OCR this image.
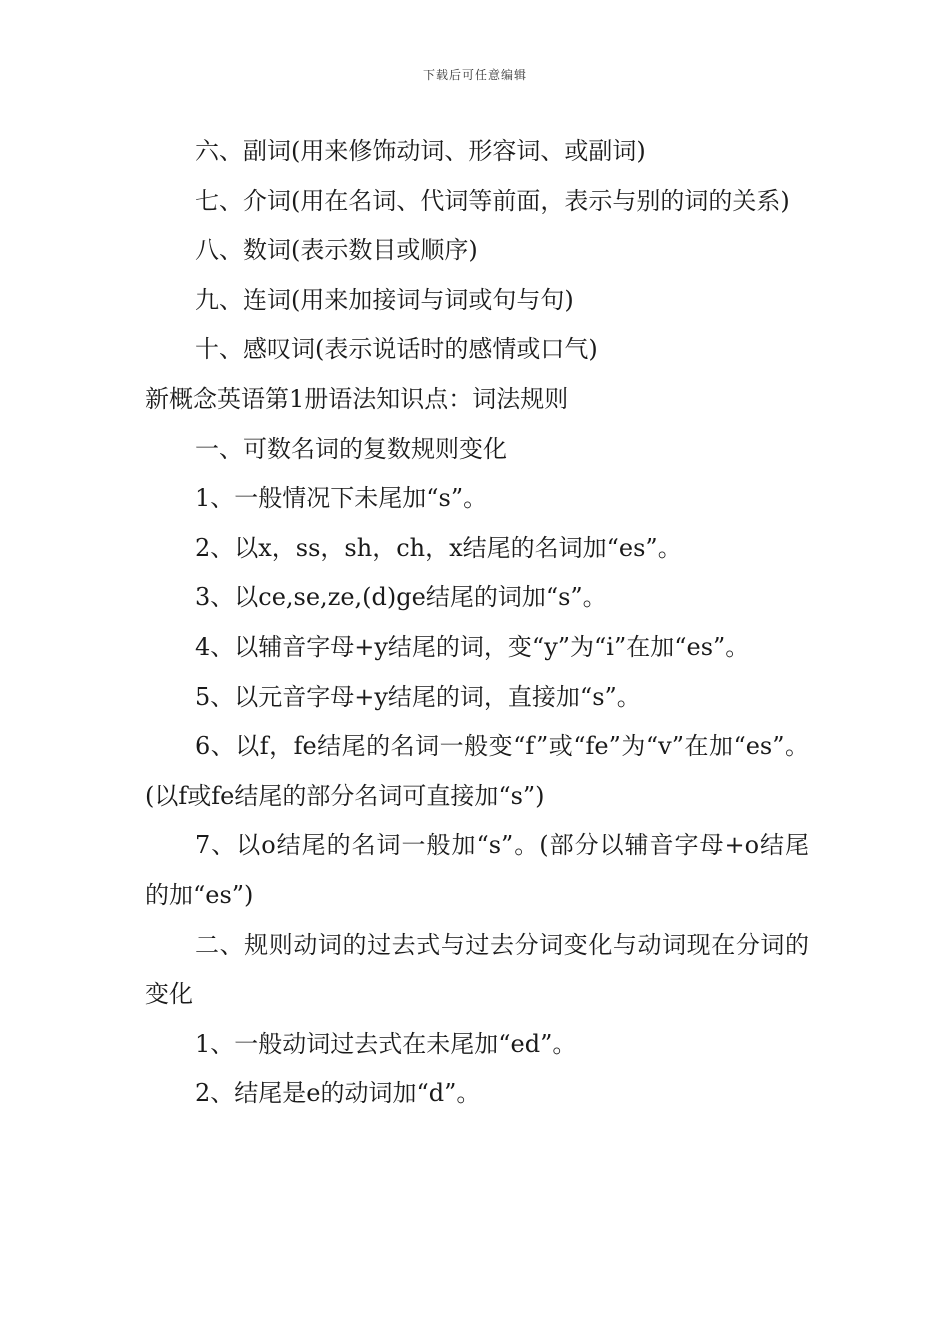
下载后可任意编辑

六、副词(用来修饰动词、形容词、或副词)

七、介词(用在名词、代词等前面，表示与别的词的关系)

八、数词(表示数目或顺序)

九、连词(用来加接词与词或句与句)

十、感叹词(表示说话时的感情或口气)

新概念英语第1册语法知识点：词法规则

一、可数名词的复数规则变化

1、一般情况下未尾加“s”。

2、以x，ss，sh，ch，x结尾的名词加“es”。

3、以ce,se,ze,(d)ge结尾的词加“s”。

4、以辅音字母+y结尾的词，变“y”为“i”在加“es”。

5、以元音字母+y结尾的词，直接加“s”。

6、以f，fe结尾的名词一般变“f”或“fe”为“v”在加“es”。(以f或fe结尾的部分名词可直接加“s”)

7、以o结尾的名词一般加“s”。(部分以辅音字母+o结尾的加“es”)

二、规则动词的过去式与过去分词变化与动词现在分词的变化

1、一般动词过去式在未尾加“ed”。

2、结尾是e的动词加“d”。
